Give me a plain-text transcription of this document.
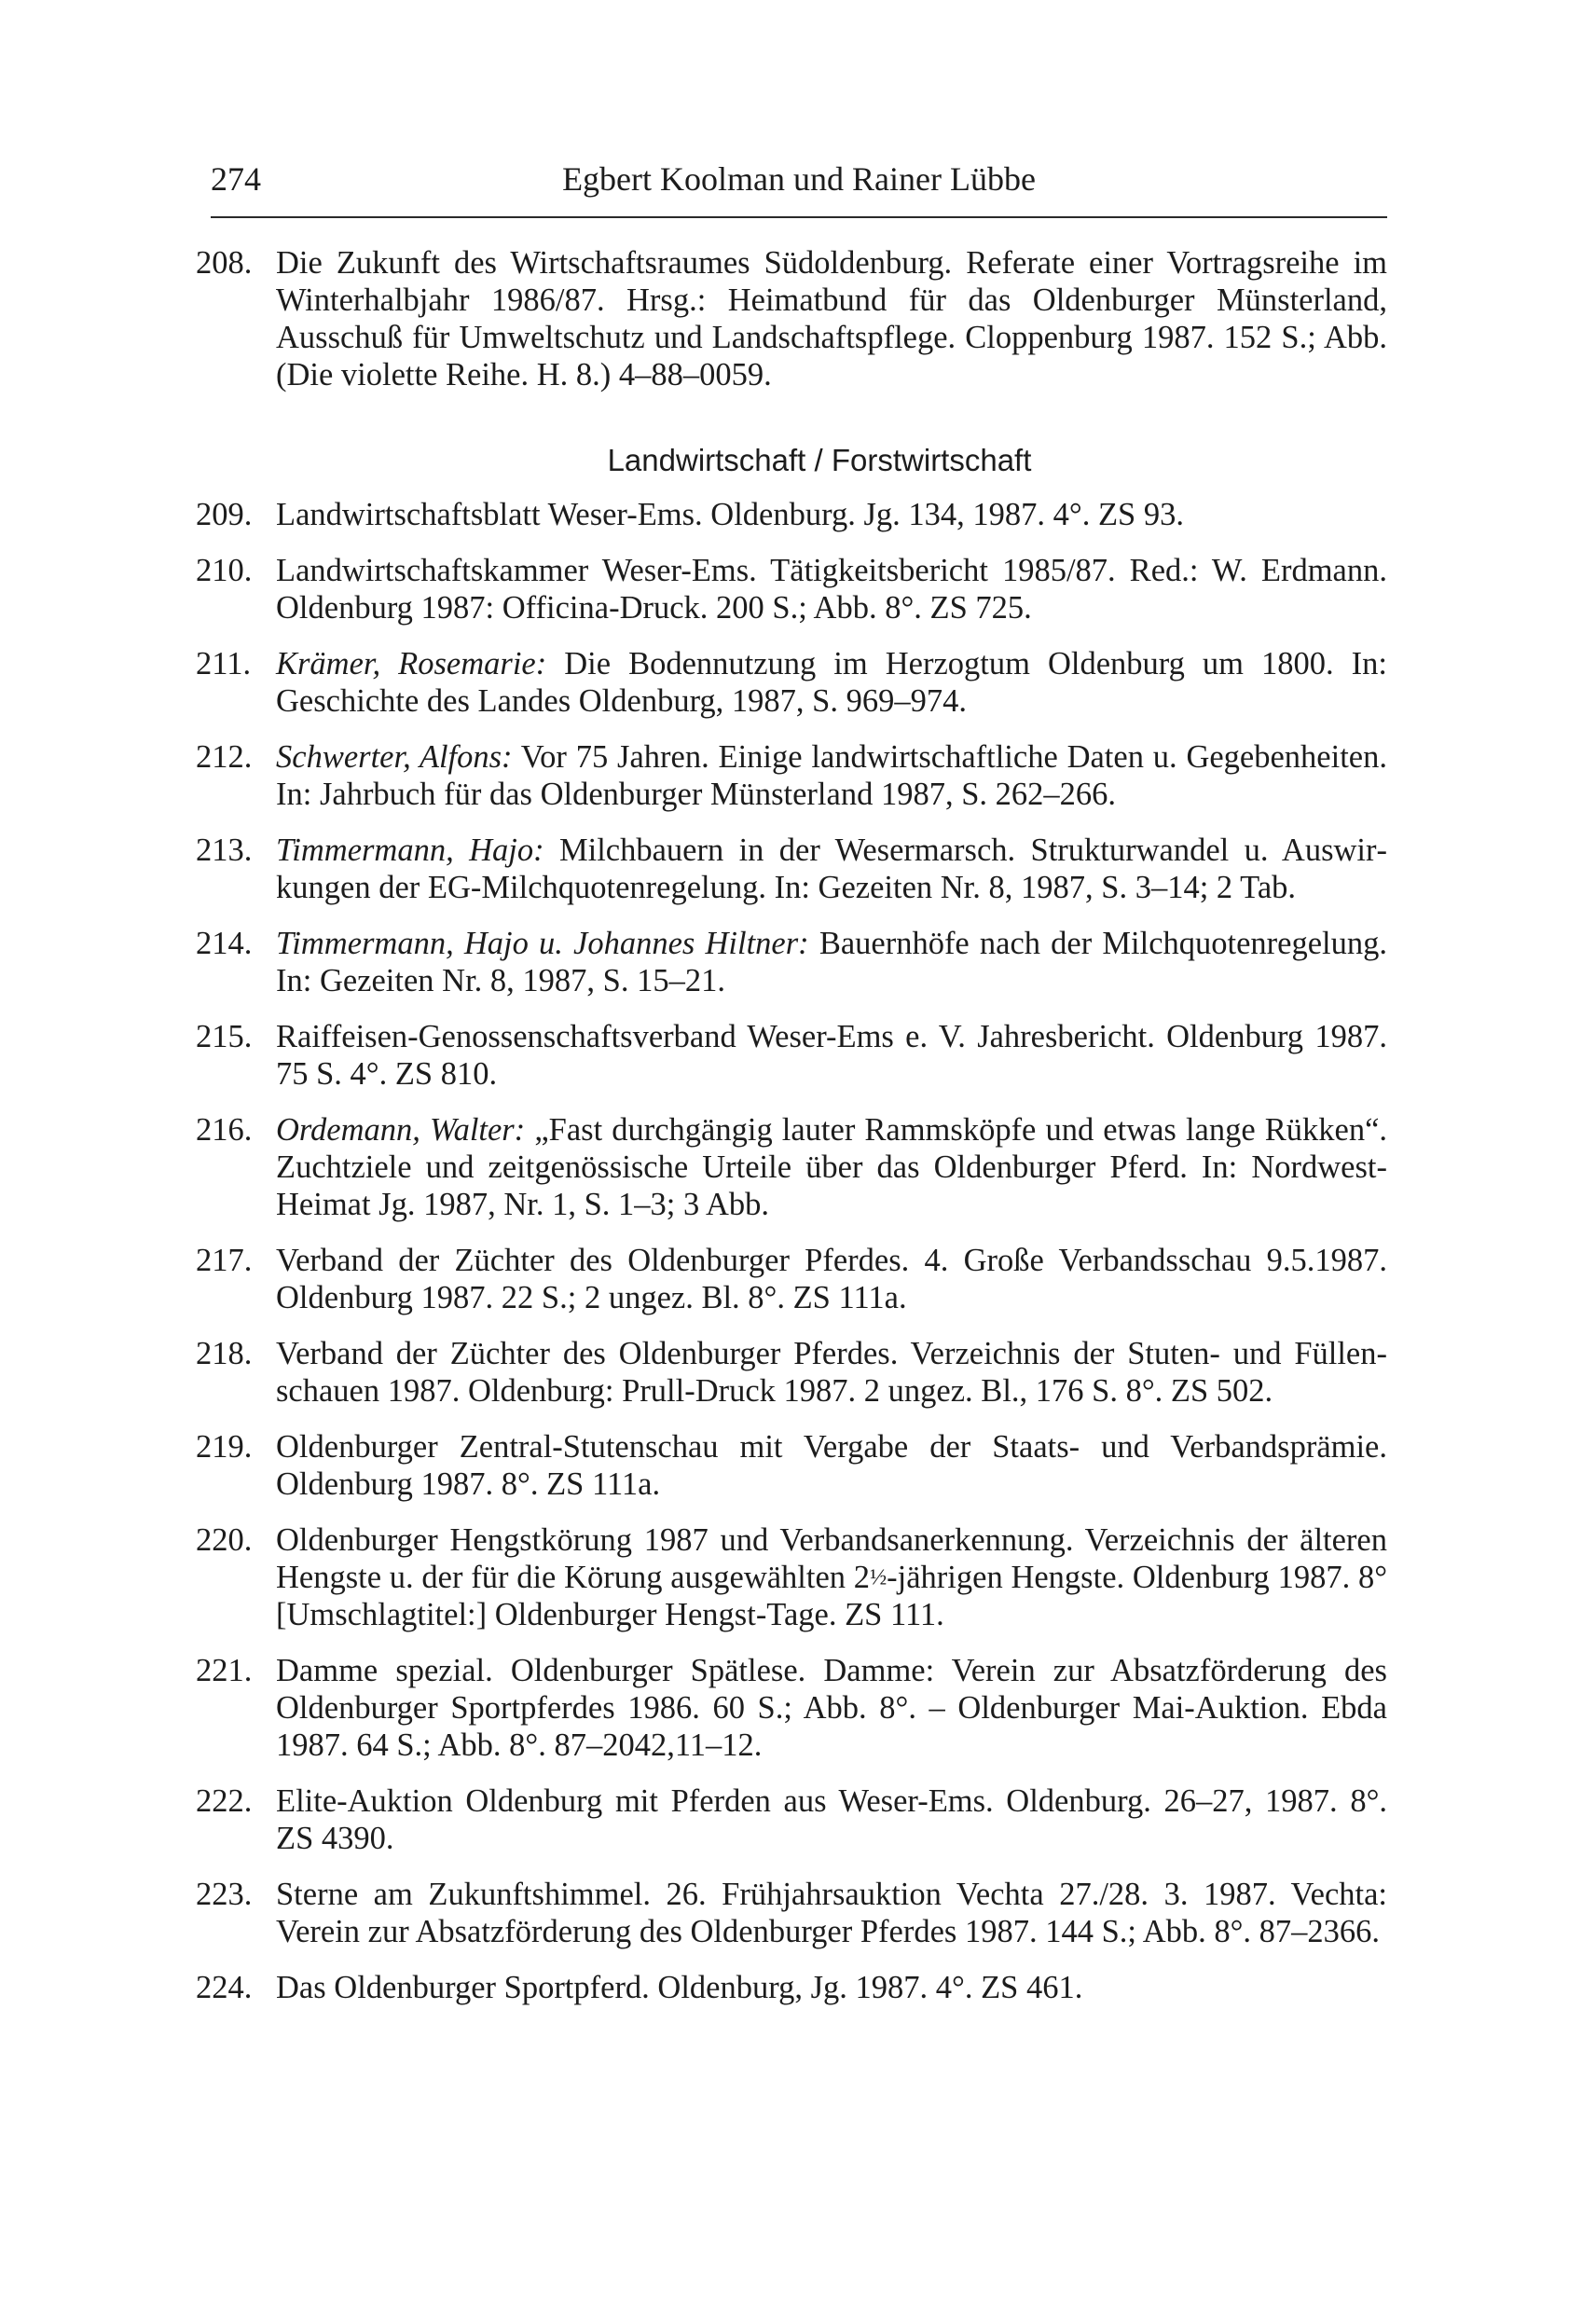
274	Egbert Koolman und Rainer Lübbe
208. Die Zukunft des Wirtschaftsraumes Südoldenburg. Referate einer Vortragsreihe im Winterhalbjahr 1986/87. Hrsg.: Heimatbund für das Oldenburger Münsterland, Ausschuß für Umweltschutz und Landschaftspflege. Cloppenburg 1987. 152 S.; Abb. (Die violette Reihe. H. 8.) 4–88–0059.
Landwirtschaft / Forstwirtschaft
209. Landwirtschaftsblatt Weser-Ems. Oldenburg. Jg. 134, 1987. 4°. ZS 93.
210. Landwirtschaftskammer Weser-Ems. Tätigkeitsbericht 1985/87. Red.: W. Erdmann. Oldenburg 1987: Officina-Druck. 200 S.; Abb. 8°. ZS 725.
211. Krämer, Rosemarie: Die Bodennutzung im Herzogtum Oldenburg um 1800. In: Geschichte des Landes Oldenburg, 1987, S. 969–974.
212. Schwerter, Alfons: Vor 75 Jahren. Einige landwirtschaftliche Daten u. Gegebenheiten. In: Jahrbuch für das Oldenburger Münsterland 1987, S. 262–266.
213. Timmermann, Hajo: Milchbauern in der Wesermarsch. Strukturwandel u. Auswirkungen der EG-Milchquotenregelung. In: Gezeiten Nr. 8, 1987, S. 3–14; 2 Tab.
214. Timmermann, Hajo u. Johannes Hiltner: Bauernhöfe nach der Milchquotenregelung. In: Gezeiten Nr. 8, 1987, S. 15–21.
215. Raiffeisen-Genossenschaftsverband Weser-Ems e. V. Jahresbericht. Oldenburg 1987. 75 S. 4°. ZS 810.
216. Ordemann, Walter: „Fast durchgängig lauter Rammsköpfe und etwas lange Rükken“. Zuchtziele und zeitgenössische Urteile über das Oldenburger Pferd. In: Nordwest-Heimat Jg. 1987, Nr. 1, S. 1–3; 3 Abb.
217. Verband der Züchter des Oldenburger Pferdes. 4. Große Verbandsschau 9.5.1987. Oldenburg 1987. 22 S.; 2 ungez. Bl. 8°. ZS 111a.
218. Verband der Züchter des Oldenburger Pferdes. Verzeichnis der Stuten- und Füllenschauen 1987. Oldenburg: Prull-Druck 1987. 2 ungez. Bl., 176 S. 8°. ZS 502.
219. Oldenburger Zentral-Stutenschau mit Vergabe der Staats- und Verbandsprämie. Oldenburg 1987. 8°. ZS 111a.
220. Oldenburger Hengstkörung 1987 und Verbandsanerkennung. Verzeichnis der älteren Hengste u. der für die Körung ausgewählten 2½-jährigen Hengste. Oldenburg 1987. 8° [Umschlagtitel:] Oldenburger Hengst-Tage. ZS 111.
221. Damme spezial. Oldenburger Spätlese. Damme: Verein zur Absatzförderung des Oldenburger Sportpferdes 1986. 60 S.; Abb. 8°. – Oldenburger Mai-Auktion. Ebda 1987. 64 S.; Abb. 8°. 87–2042,11–12.
222. Elite-Auktion Oldenburg mit Pferden aus Weser-Ems. Oldenburg. 26–27, 1987. 8°. ZS 4390.
223. Sterne am Zukunftshimmel. 26. Frühjahrsauktion Vechta 27./28. 3. 1987. Vechta: Verein zur Absatzförderung des Oldenburger Pferdes 1987. 144 S.; Abb. 8°. 87–2366.
224. Das Oldenburger Sportpferd. Oldenburg, Jg. 1987. 4°. ZS 461.
